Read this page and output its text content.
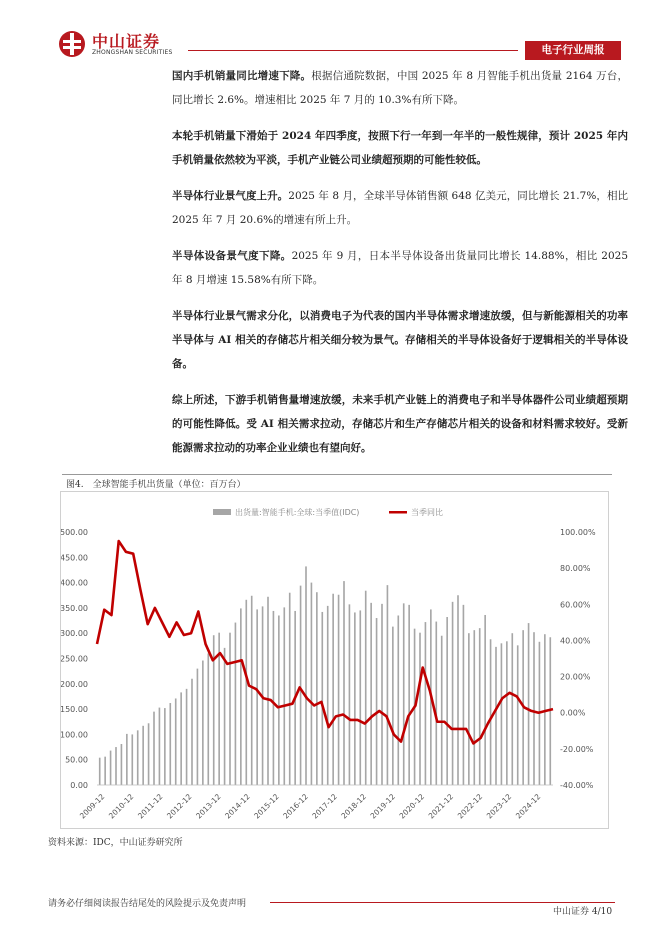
中山证券
ZHONGSHAN SECURITIES	电子行业周报
国内手机销量同比增速下降。根据信通院数据，中国 2025 年 8 月智能手机出货量 2164 万台，同比增长 2.6%。增速相比 2025 年 7 月的 10.3%有所下降。
本轮手机销量下滑始于 2024 年四季度，按照下行一年到一年半的一般性规律，预计 2025 年内手机销量依然较为平淡，手机产业链公司业绩超预期的可能性较低。
半导体行业景气度上升。2025 年 8 月，全球半导体销售额 648 亿美元，同比增长 21.7%，相比 2025 年 7 月 20.6%的增速有所上升。
半导体设备景气度下降。2025 年 9 月，日本半导体设备出货量同比增长 14.88%，相比 2025 年 8 月增速 15.58%有所下降。
半导体行业景气需求分化，以消费电子为代表的国内半导体需求增速放缓，但与新能源相关的功率半导体与 AI 相关的存储芯片相关细分较为景气。存储相关的半导体设备好于逻辑相关的半导体设备。
综上所述，下游手机销售量增速放缓，未来手机产业链上的消费电子和半导体器件公司业绩超预期的可能性降低。受 AI 相关需求拉动，存储芯片和生产存储芯片相关的设备和材料需求较好。受新能源需求拉动的功率企业业绩也有望向好。
图4.　全球智能手机出货量（单位：百万台）
出货量:智能手机:全球:当季值(IDC)	当季同比
0.00
50.00
100.00
150.00
200.00
250.00
300.00
350.00
400.00
450.00
500.00
-40.00%
-20.00%
0.00%
20.00%
40.00%
60.00%
80.00%
100.00%
2009-12 2010-12 2011-12 2012-12 2013-12 2014-12 2015-12 2016-12 2017-12 2018-12 2019-12 2020-12 2021-12 2022-12 2023-12 2024-12
资料来源：IDC，中山证券研究所
请务必仔细阅读报告结尾处的风险提示及免责声明
中山证券 4/10
